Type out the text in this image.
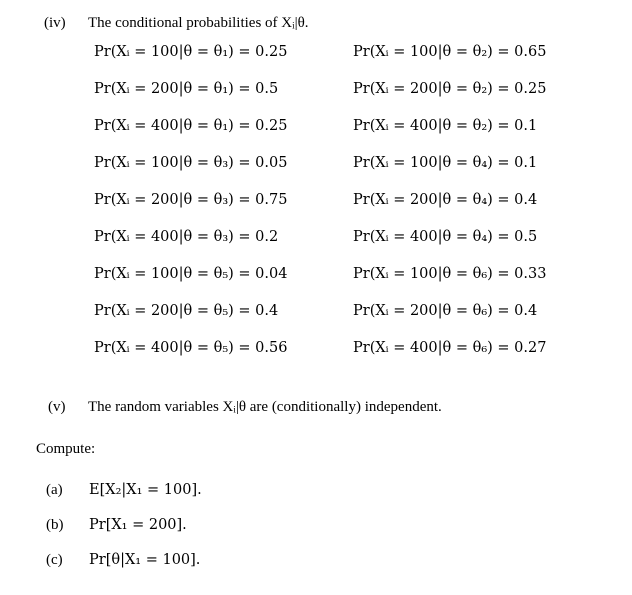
(iv) The conditional probabilities of Xᵢ|θ.
Pr(Xᵢ = 100|θ = θ₁) = 0.25
Pr(Xᵢ = 200|θ = θ₁) = 0.5
Pr(Xᵢ = 400|θ = θ₁) = 0.25
Pr(Xᵢ = 100|θ = θ₃) = 0.05
Pr(Xᵢ = 200|θ = θ₃) = 0.75
Pr(Xᵢ = 400|θ = θ₃) = 0.2
Pr(Xᵢ = 100|θ = θ₅) = 0.04
Pr(Xᵢ = 200|θ = θ₅) = 0.4
Pr(Xᵢ = 400|θ = θ₅) = 0.56
Pr(Xᵢ = 100|θ = θ₂) = 0.65
Pr(Xᵢ = 200|θ = θ₂) = 0.25
Pr(Xᵢ = 400|θ = θ₂) = 0.1
Pr(Xᵢ = 100|θ = θ₄) = 0.1
Pr(Xᵢ = 200|θ = θ₄) = 0.4
Pr(Xᵢ = 400|θ = θ₄) = 0.5
Pr(Xᵢ = 100|θ = θ₆) = 0.33
Pr(Xᵢ = 200|θ = θ₆) = 0.4
Pr(Xᵢ = 400|θ = θ₆) = 0.27
(v) The random variables Xᵢ|θ are (conditionally) independent.
Compute:
(a) E[X₂|X₁ = 100].
(b) Pr[X₁ = 200].
(c) Pr[θ|X₁ = 100].
